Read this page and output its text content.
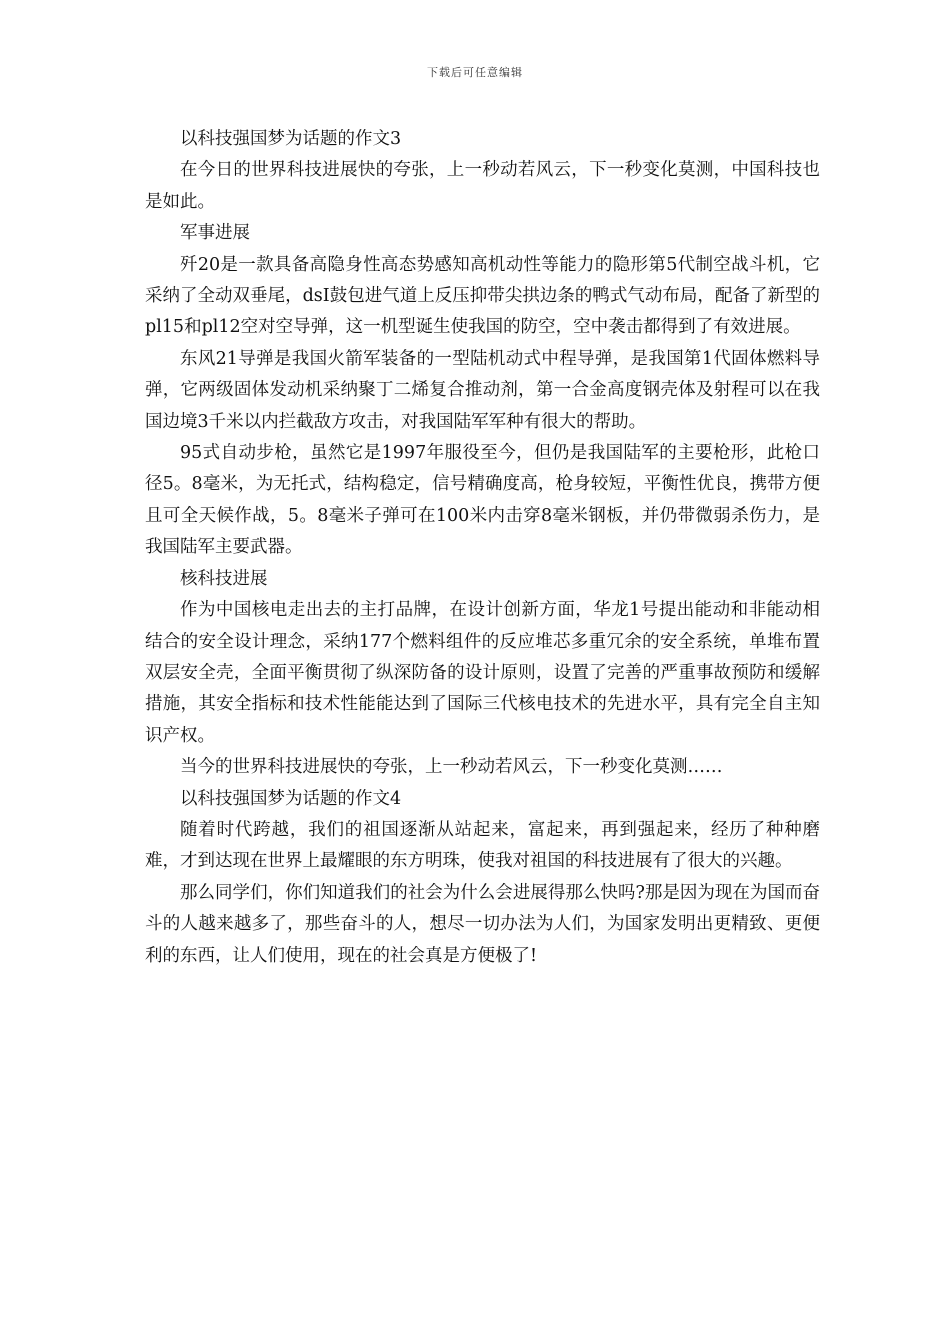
下载后可任意编辑

以科技强国梦为话题的作文3

在今日的世界科技进展快的夸张，上一秒动若风云，下一秒变化莫测，中国科技也是如此。

军事进展

歼20是一款具备高隐身性高态势感知高机动性等能力的隐形第5代制空战斗机，它采纳了全动双垂尾，dsI鼓包进气道上反压抑带尖拱边条的鸭式气动布局，配备了新型的pl15和pl12空对空导弹，这一机型诞生使我国的防空，空中袭击都得到了有效进展。

东风21导弹是我国火箭军装备的一型陆机动式中程导弹，是我国第1代固体燃料导弹，它两级固体发动机采纳聚丁二烯复合推动剂，第一合金高度钢壳体及射程可以在我国边境3千米以内拦截敌方攻击，对我国陆军军种有很大的帮助。

95式自动步枪，虽然它是1997年服役至今，但仍是我国陆军的主要枪形，此枪口径5。8毫米，为无托式，结构稳定，信号精确度高，枪身较短，平衡性优良，携带方便且可全天候作战，5。8毫米子弹可在100米内击穿8毫米钢板，并仍带微弱杀伤力，是我国陆军主要武器。

核科技进展

作为中国核电走出去的主打品牌，在设计创新方面，华龙1号提出能动和非能动相结合的安全设计理念，采纳177个燃料组件的反应堆芯多重冗余的安全系统，单堆布置双层安全壳，全面平衡贯彻了纵深防备的设计原则，设置了完善的严重事故预防和缓解措施，其安全指标和技术性能能达到了国际三代核电技术的先进水平，具有完全自主知识产权。

当今的世界科技进展快的夸张，上一秒动若风云，下一秒变化莫测……

以科技强国梦为话题的作文4

随着时代跨越，我们的祖国逐渐从站起来，富起来，再到强起来，经历了种种磨难，才到达现在世界上最耀眼的东方明珠，使我对祖国的科技进展有了很大的兴趣。

那么同学们，你们知道我们的社会为什么会进展得那么快吗?那是因为现在为国而奋斗的人越来越多了，那些奋斗的人，想尽一切办法为人们，为国家发明出更精致、更便利的东西，让人们使用，现在的社会真是方便极了!
